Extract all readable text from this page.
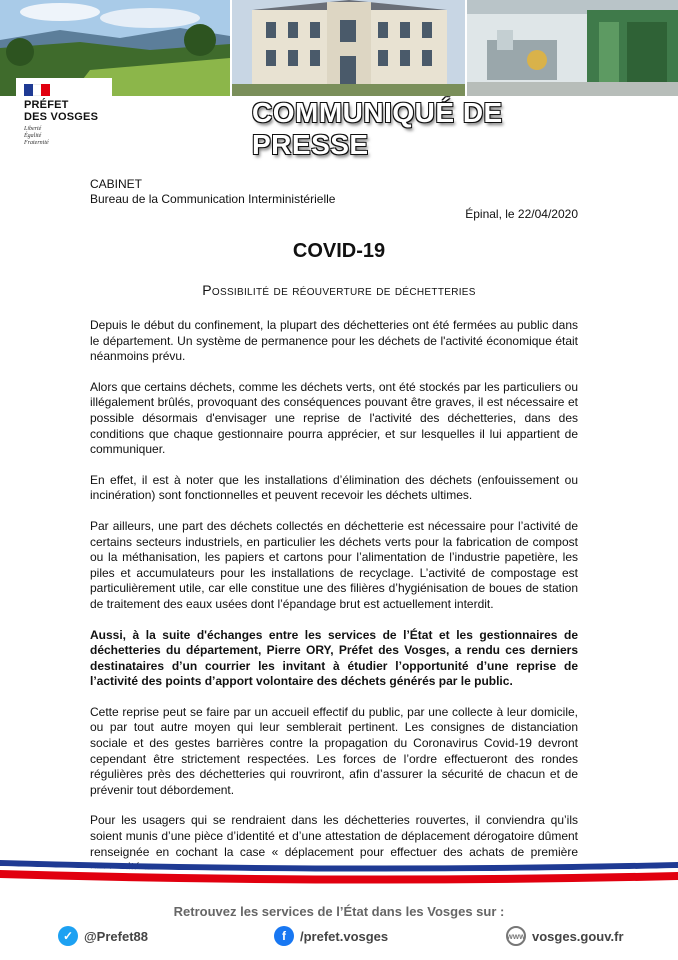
PRÉFET
DES VOSGES
Liberté
Égalité
Fraternité
COMMUNIQUÉ DE PRESSE
CABINET
Bureau de la Communication Interministérielle
Épinal, le 22/04/2020
COVID-19
Possibilité de réouverture de déchetteries

Depuis le début du confinement, la plupart des déchetteries ont été fermées au public dans le département. Un système de permanence pour les déchets de l'activité économique était néanmoins prévu.

Alors que certains déchets, comme les déchets verts, ont été stockés par les particuliers ou illégalement brûlés, provoquant des conséquences pouvant être graves, il est nécessaire et possible désormais d'envisager une reprise de l'activité des déchetteries, dans des conditions que chaque gestionnaire pourra apprécier, et sur lesquelles il lui appartient de communiquer.

En effet, il est à noter que les installations d’élimination des déchets (enfouissement ou incinération) sont fonctionnelles et peuvent recevoir les déchets ultimes.

Par ailleurs, une part des déchets collectés en déchetterie est nécessaire pour l’activité de certains secteurs industriels, en particulier les déchets verts pour la fabrication de compost ou la méthanisation, les papiers et cartons pour l’alimentation de l’industrie papetière, les piles et accumulateurs pour les installations de recyclage. L’activité de compostage est particulièrement utile, car elle constitue une des filières d’hygiénisation de boues de station de traitement des eaux usées dont l’épandage brut est actuellement interdit.

Aussi, à la suite d'échanges entre les services de l’État et les gestionnaires de déchetteries du département, Pierre ORY, Préfet des Vosges, a rendu ces derniers destinataires d’un courrier les invitant à étudier l’opportunité d’une reprise de l’activité des points d’apport volontaire des déchets générés par le public.

Cette reprise peut se faire par un accueil effectif du public, par une collecte à leur domicile, ou par tout autre moyen qui leur semblerait pertinent. Les consignes de distanciation sociale et des gestes barrières contre la propagation du Coronavirus Covid-19 devront cependant être strictement respectées. Les forces de l’ordre effectueront des rondes régulières près des déchetteries qui rouvriront, afin d’assurer la sécurité de chacun et de prévenir tout débordement.

Pour les usagers qui se rendraient dans les déchetteries rouvertes, il conviendra qu’ils soient munis d’une pièce d’identité et d’une attestation de déplacement dérogatoire dûment renseignée en cochant la case « déplacement pour effectuer des achats de première

Retrouvez les services de l’État dans les Vosges sur :
✓ @Prefet88	f	/prefet.vosges	www vosges.gouv.fr
